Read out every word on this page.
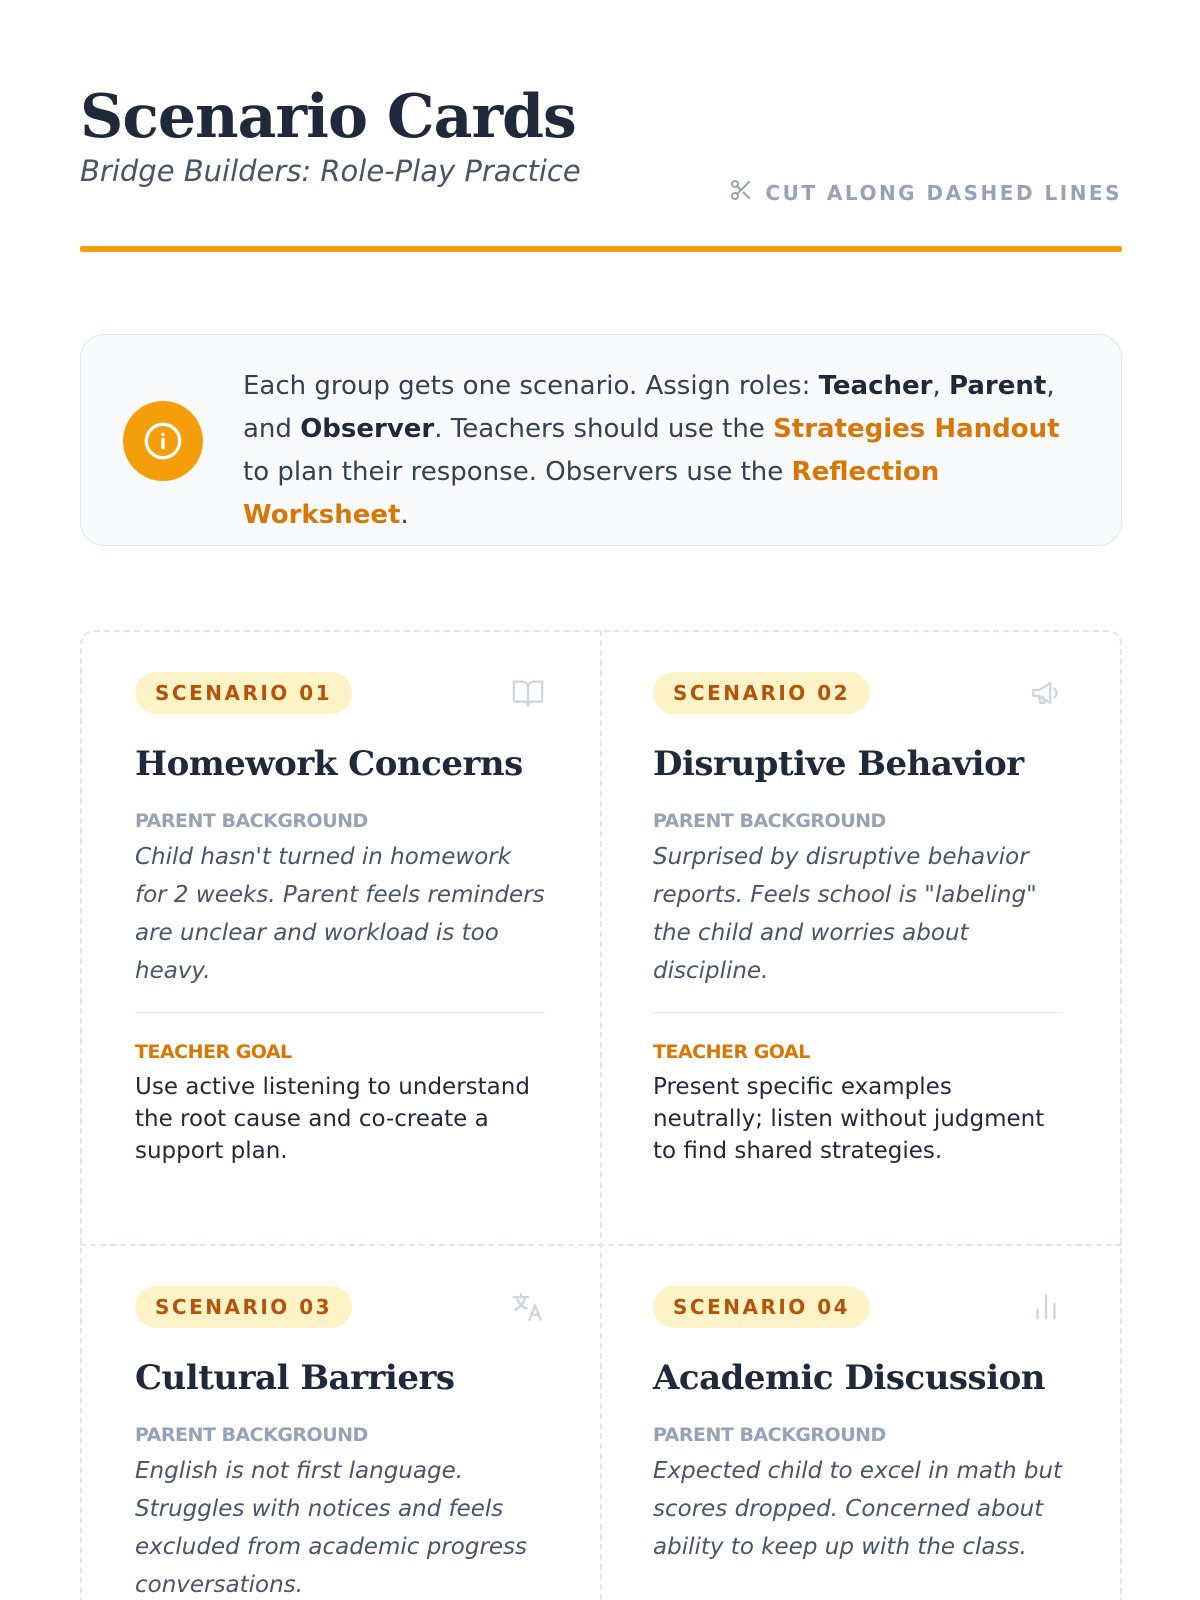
Scenario Cards
Bridge Builders: Role-Play Practice
CUT ALONG DASHED LINES
Each group gets one scenario. Assign roles: Teacher, Parent, and Observer. Teachers should use the Strategies Handout to plan their response. Observers use the Reflection Worksheet.
SCENARIO 01
Homework Concerns
PARENT BACKGROUND
Child hasn't turned in homework for 2 weeks. Parent feels reminders are unclear and workload is too heavy.
TEACHER GOAL
Use active listening to understand the root cause and co-create a support plan.
SCENARIO 02
Disruptive Behavior
PARENT BACKGROUND
Surprised by disruptive behavior reports. Feels school is "labeling" the child and worries about discipline.
TEACHER GOAL
Present specific examples neutrally; listen without judgment to find shared strategies.
SCENARIO 03
Cultural Barriers
PARENT BACKGROUND
English is not first language. Struggles with notices and feels excluded from academic progress conversations.
SCENARIO 04
Academic Discussion
PARENT BACKGROUND
Expected child to excel in math but scores dropped. Concerned about ability to keep up with the class.
